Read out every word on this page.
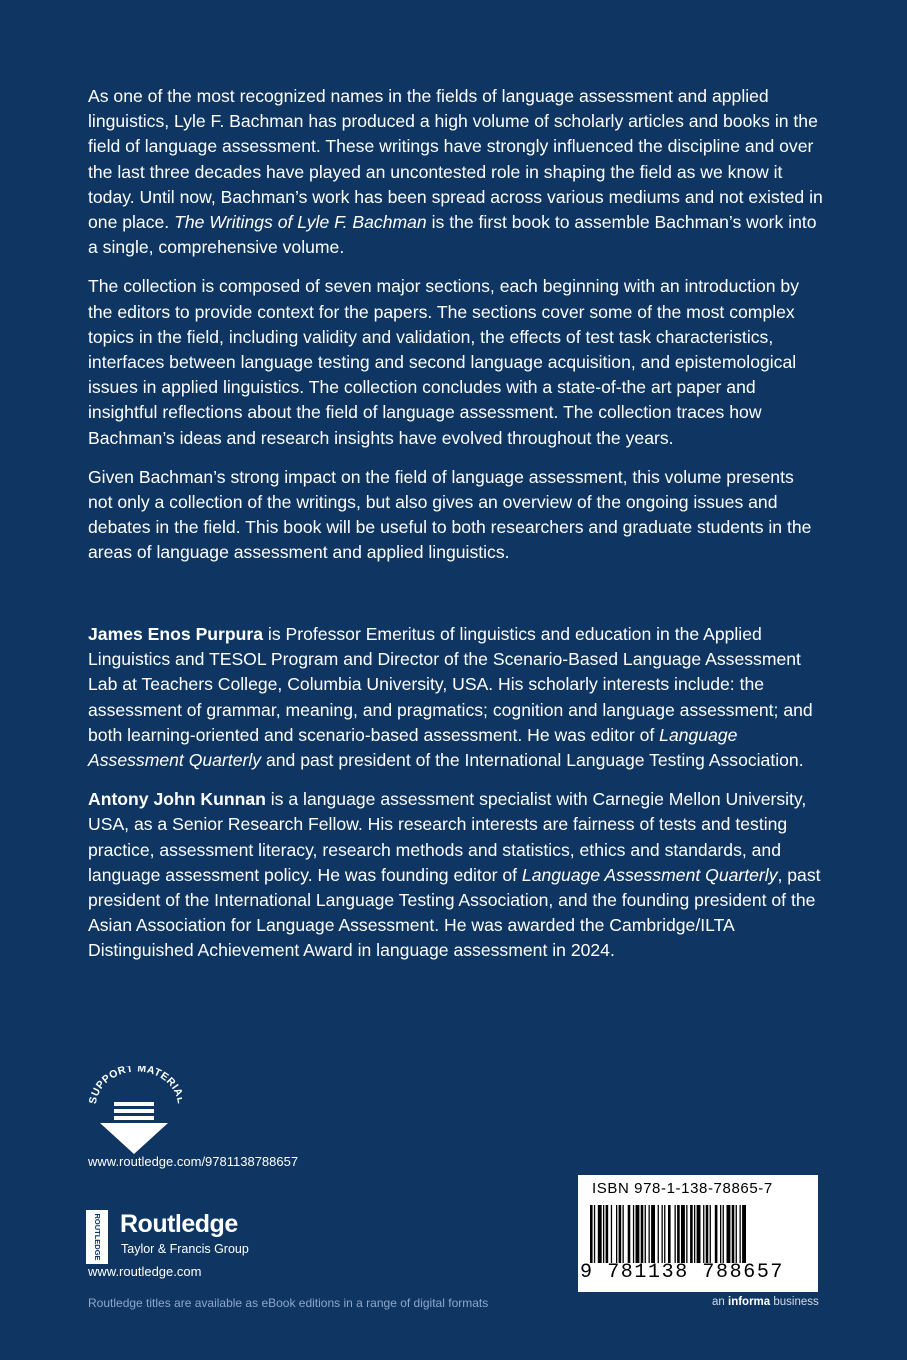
As one of the most recognized names in the fields of language assessment and applied linguistics, Lyle F. Bachman has produced a high volume of scholarly articles and books in the field of language assessment. These writings have strongly influenced the discipline and over the last three decades have played an uncontested role in shaping the field as we know it today. Until now, Bachman’s work has been spread across various mediums and not existed in one place. The Writings of Lyle F. Bachman is the first book to assemble Bachman’s work into a single, comprehensive volume.

The collection is composed of seven major sections, each beginning with an introduction by the editors to provide context for the papers. The sections cover some of the most complex topics in the field, including validity and validation, the effects of test task characteristics, interfaces between language testing and second language acquisition, and epistemological issues in applied linguistics. The collection concludes with a state-of-the art paper and insightful reflections about the field of language assessment. The collection traces how Bachman’s ideas and research insights have evolved throughout the years.

Given Bachman’s strong impact on the field of language assessment, this volume presents not only a collection of the writings, but also gives an overview of the ongoing issues and debates in the field. This book will be useful to both researchers and graduate students in the areas of language assessment and applied linguistics.

James Enos Purpura is Professor Emeritus of linguistics and education in the Applied Linguistics and TESOL Program and Director of the Scenario-Based Language Assessment Lab at Teachers College, Columbia University, USA. His scholarly interests include: the assessment of grammar, meaning, and pragmatics; cognition and language assessment; and both learning-oriented and scenario-based assessment. He was editor of Language Assessment Quarterly and past president of the International Language Testing Association.

Antony John Kunnan is a language assessment specialist with Carnegie Mellon University, USA, as a Senior Research Fellow. His research interests are fairness of tests and testing practice, assessment literacy, research methods and statistics, ethics and standards, and language assessment policy. He was founding editor of Language Assessment Quarterly, past president of the International Language Testing Association, and the founding president of the Asian Association for Language Assessment. He was awarded the Cambridge/ILTA Distinguished Achievement Award in language assessment in 2024.

SUPPORT MATERI
www.routledge.com/9781138788657
ROUTLEDGE Routledge
Taylor & Francis Group
www.routledge.com
Routledge titles are available as eBook editions in a range of digital formats
ISBN 978-1-138-78865-7
9 781138 788657
an informa business
